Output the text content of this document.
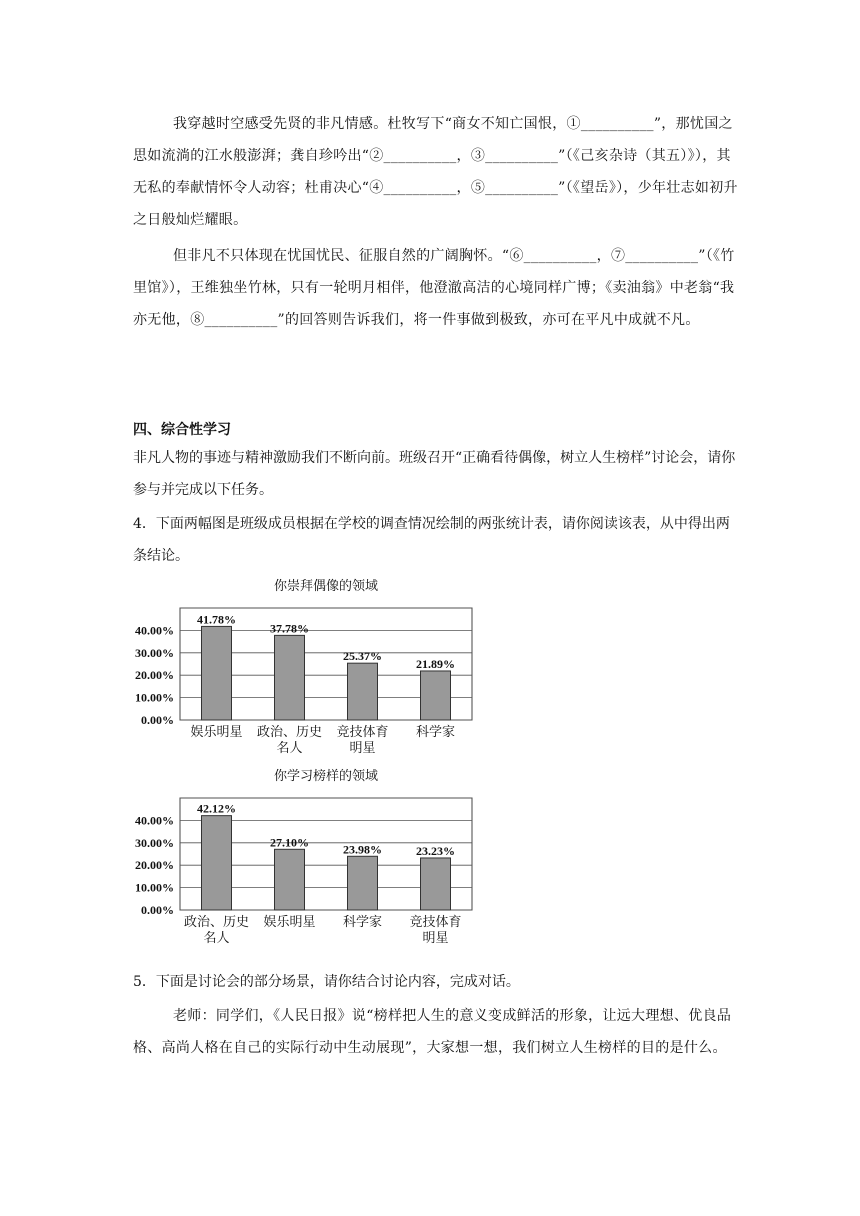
我穿越时空感受先贤的非凡情感。杜牧写下“商女不知亡国恨，①__________”，那忧国之思如流淌的江水般澎湃；龚自珍吟出“②__________，③__________”（《己亥杂诗（其五）》），其无私的奉献情怀令人动容；杜甫决心“④__________，⑤__________”（《望岳》），少年壮志如初升之日般灿烂耀眼。

但非凡不只体现在忧国忧民、征服自然的广阔胸怀。“⑥__________，⑦__________”（《竹里馆》），王维独坐竹林，只有一轮明月相伴，他澄澈高洁的心境同样广博；《卖油翁》中老翁“我亦无他，⑧__________”的回答则告诉我们，将一件事做到极致，亦可在平凡中成就不凡。

四、综合性学习

非凡人物的事迹与精神激励我们不断向前。班级召开“正确看待偶像，树立人生榜样”讨论会，请你参与并完成以下任务。

4．下面两幅图是班级成员根据在学校的调查情况绘制的两张统计表，请你阅读该表，从中得出两条结论。

你崇拜偶像的领域
0.00%
10.00%
20.00%
30.00%
40.00%
41.78%
娱乐明星
37.78%
政治、历史
名人
25.37%
竞技体育
明星
21.89%
科学家
你学习榜样的领域
0.00%
10.00%
20.00%
30.00%
40.00%
42.12%
政治、历史
名人
27.10%
娱乐明星
23.98%
科学家
23.23%
竞技体育
明星

5．下面是讨论会的部分场景，请你结合讨论内容，完成对话。

老师：同学们，《人民日报》说“榜样把人生的意义变成鲜活的形象，让远大理想、优良品格、高尚人格在自己的实际行动中生动展现”，大家想一想，我们树立人生榜样的目的是什么。
